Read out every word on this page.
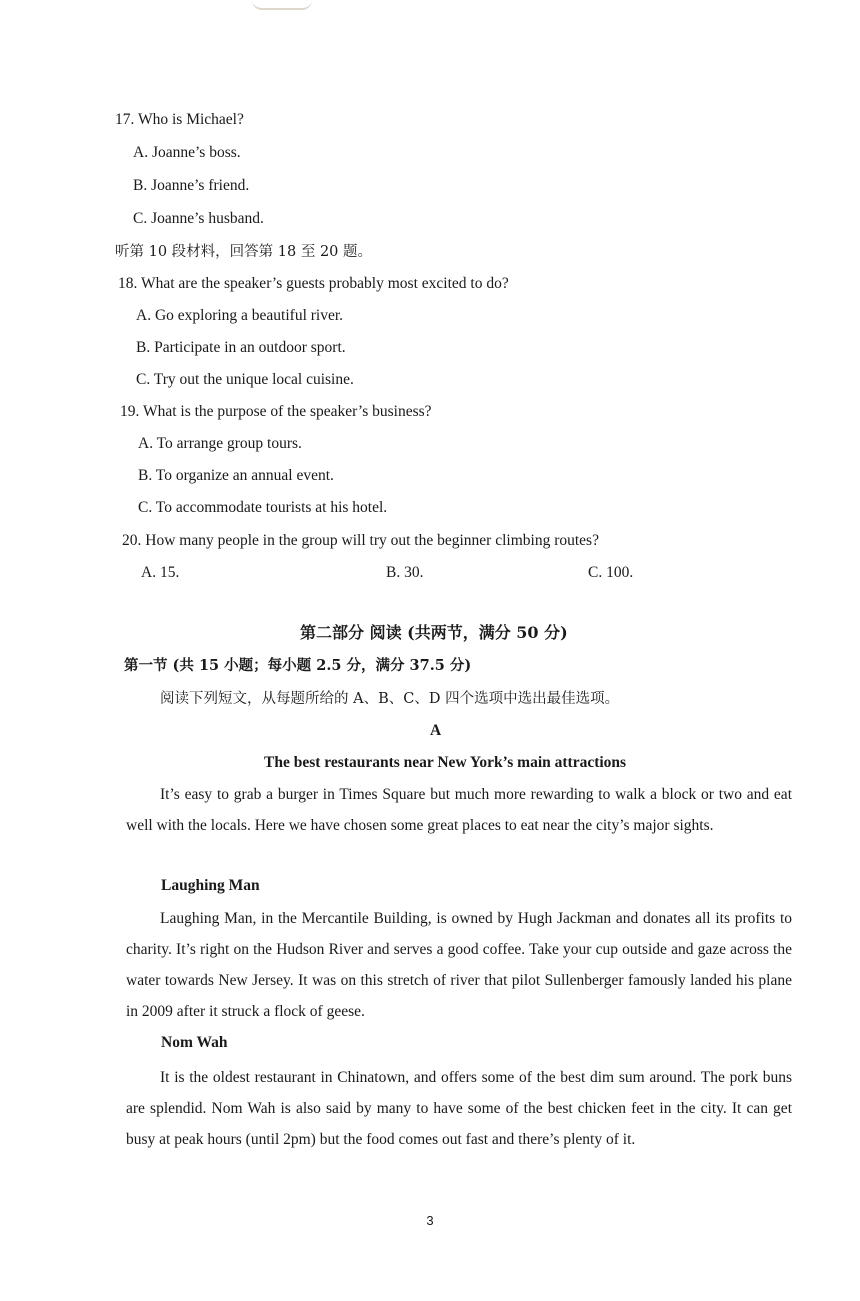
17. Who is Michael?
A. Joanne’s boss.
B. Joanne’s friend.
C. Joanne’s husband.
听第 10 段材料，回答第 18 至 20 题。
18. What are the speaker’s guests probably most excited to do?
A. Go exploring a beautiful river.
B. Participate in an outdoor sport.
C. Try out the unique local cuisine.
19. What is the purpose of the speaker’s business?
A. To arrange group tours.
B. To organize an annual event.
C. To accommodate tourists at his hotel.
20. How many people in the group will try out the beginner climbing routes?
A. 15.	B. 30.	C. 100.
第二部分 阅读 (共两节，满分 50 分)
第一节 (共 15 小题；每小题 2.5 分，满分 37.5 分)
阅读下列短文，从每题所给的 A、B、C、D 四个选项中选出最佳选项。
A
The best restaurants near New York’s main attractions
It’s easy to grab a burger in Times Square but much more rewarding to walk a block or two and eat well with the locals. Here we have chosen some great places to eat near the city’s major sights.
Laughing Man
Laughing Man, in the Mercantile Building, is owned by Hugh Jackman and donates all its profits to charity. It’s right on the Hudson River and serves a good coffee. Take your cup outside and gaze across the water towards New Jersey. It was on this stretch of river that pilot Sullenberger famously landed his plane in 2009 after it struck a flock of geese.
Nom Wah
It is the oldest restaurant in Chinatown, and offers some of the best dim sum around. The pork buns are splendid. Nom Wah is also said by many to have some of the best chicken feet in the city. It can get busy at peak hours (until 2pm) but the food comes out fast and there’s plenty of it.
3
